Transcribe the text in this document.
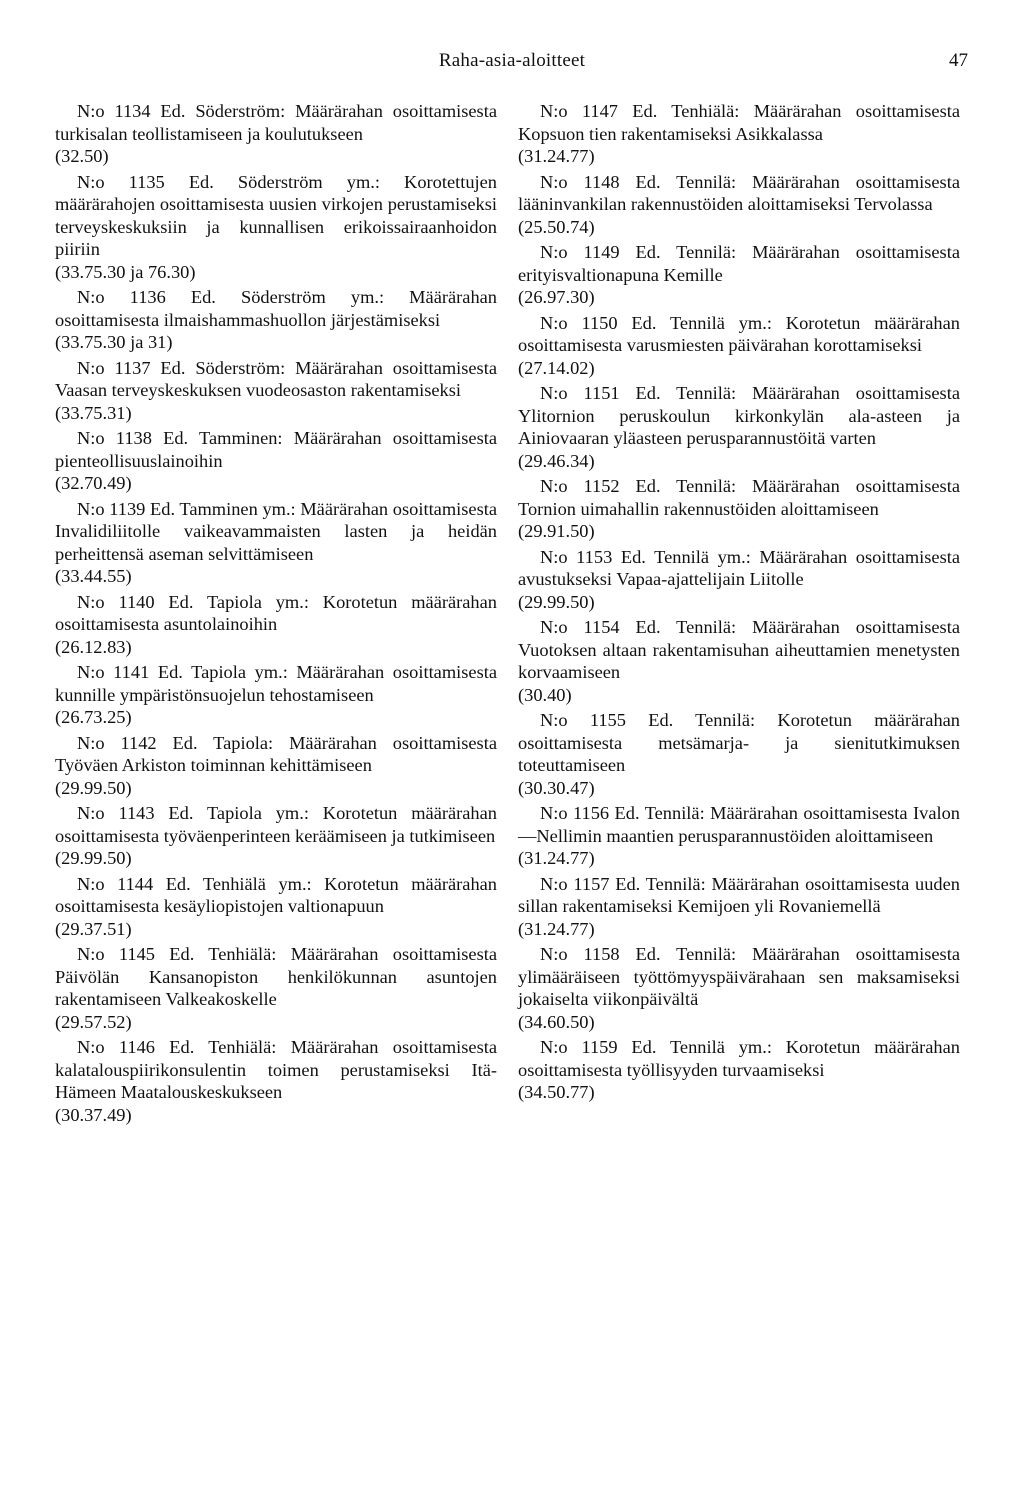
Raha-asia-aloitteet	47
N:o 1134 Ed. Söderström: Määrärahan osoittamisesta turkisalan teollistamiseen ja koulutukseen
(32.50)
N:o 1135 Ed. Söderström ym.: Korotettujen määrärahojen osoittamisesta uusien virkojen perustamiseksi terveyskeskuksiin ja kunnallisen erikoissairaanhoidon piiriin
(33.75.30 ja 76.30)
N:o 1136 Ed. Söderström ym.: Määrärahan osoittamisesta ilmaishammashuollon järjestämiseksi
(33.75.30 ja 31)
N:o 1137 Ed. Söderström: Määrärahan osoittamisesta Vaasan terveyskeskuksen vuodeosaston rakentamiseksi
(33.75.31)
N:o 1138 Ed. Tamminen: Määrärahan osoittamisesta pienteollisuuslainoihin
(32.70.49)
N:o 1139 Ed. Tamminen ym.: Määrärahan osoittamisesta Invalidiliitolle vaikeavammaisten lasten ja heidän perheittensä aseman selvittämiseen
(33.44.55)
N:o 1140 Ed. Tapiola ym.: Korotetun määrärahan osoittamisesta asuntolainoihin
(26.12.83)
N:o 1141 Ed. Tapiola ym.: Määrärahan osoittamisesta kunnille ympäristönsuojelun tehostamiseen
(26.73.25)
N:o 1142 Ed. Tapiola: Määrärahan osoittamisesta Työväen Arkiston toiminnan kehittämiseen
(29.99.50)
N:o 1143 Ed. Tapiola ym.: Korotetun määrärahan osoittamisesta työväenperinteen keräämiseen ja tutkimiseen
(29.99.50)
N:o 1144 Ed. Tenhiälä ym.: Korotetun määrärahan osoittamisesta kesäyliopistojen valtionapuun
(29.37.51)
N:o 1145 Ed. Tenhiälä: Määrärahan osoittamisesta Päivölän Kansanopiston henkilökunnan asuntojen rakentamiseen Valkeakoskelle
(29.57.52)
N:o 1146 Ed. Tenhiälä: Määrärahan osoittamisesta kalatalouspiirikonsulentin toimen perustamiseksi Itä-Hämeen Maatalouskeskukseen
(30.37.49)
N:o 1147 Ed. Tenhiälä: Määrärahan osoittamisesta Kopsuon tien rakentamiseksi Asikkalassa
(31.24.77)
N:o 1148 Ed. Tennilä: Määrärahan osoittamisesta lääninvankilan rakennustöiden aloittamiseksi Tervolassa
(25.50.74)
N:o 1149 Ed. Tennilä: Määrärahan osoittamisesta erityisvaltionapuna Kemille
(26.97.30)
N:o 1150 Ed. Tennilä ym.: Korotetun määrärahan osoittamisesta varusmiesten päivärahan korottamiseksi
(27.14.02)
N:o 1151 Ed. Tennilä: Määrärahan osoittamisesta Ylitornion peruskoulun kirkonkylän ala-asteen ja Ainiovaaran yläasteen perusparannustöitä varten
(29.46.34)
N:o 1152 Ed. Tennilä: Määrärahan osoittamisesta Tornion uimahallin rakennustöiden aloittamiseen
(29.91.50)
N:o 1153 Ed. Tennilä ym.: Määrärahan osoittamisesta avustukseksi Vapaa-ajattelijain Liitolle
(29.99.50)
N:o 1154 Ed. Tennilä: Määrärahan osoittamisesta Vuotoksen altaan rakentamisuhan aiheuttamien menetysten korvaamiseen
(30.40)
N:o 1155 Ed. Tennilä: Korotetun määrärahan osoittamisesta metsämarja- ja sienitutkimuksen toteuttamiseen
(30.30.47)
N:o 1156 Ed. Tennilä: Määrärahan osoittamisesta Ivalon—Nellimin maantien perusparannustöiden aloittamiseen
(31.24.77)
N:o 1157 Ed. Tennilä: Määrärahan osoittamisesta uuden sillan rakentamiseksi Kemijoen yli Rovaniemellä
(31.24.77)
N:o 1158 Ed. Tennilä: Määrärahan osoittamisesta ylimääräiseen työttömyyspäivärahaan sen maksamiseksi jokaiselta viikonpäivältä
(34.60.50)
N:o 1159 Ed. Tennilä ym.: Korotetun määrärahan osoittamisesta työllisyyden turvaamiseksi
(34.50.77)
